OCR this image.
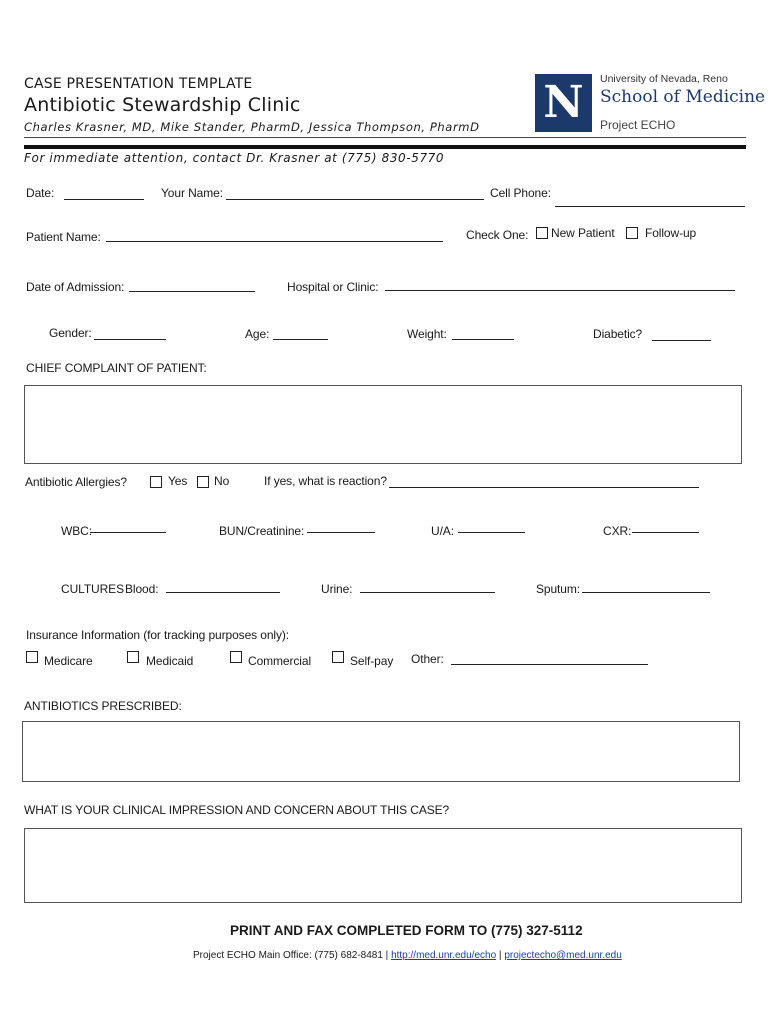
CASE PRESENTATION TEMPLATE
Antibiotic Stewardship Clinic
Charles Krasner, MD, Mike Stander, PharmD, Jessica Thompson, PharmD N	University of Nevada, Reno
School of Medicine
Project ECHO
For immediate attention, contact Dr. Krasner at (775) 830-5770
Date:	Your Name:	Cell Phone:
Patient Name:	Check One: New Patient	Follow-up
Date of Admission:	Hospital or Clinic:
Gender:	Age:	Weight:	Diabetic?
CHIEF COMPLAINT OF PATIENT:
Antibiotic Allergies?	Yes No	If yes, what is reaction?
WBC:	BUN/Creatinine:	U/A:	CXR:
CULTURES Blood:	Urine:	Sputum:
Insurance Information (for tracking purposes only):
Medicare	Medicaid	Commercial	Self-pay Other:
ANTIBIOTICS PRESCRIBED:
WHAT IS YOUR CLINICAL IMPRESSION AND CONCERN ABOUT THIS CASE?
PRINT AND FAX COMPLETED FORM TO (775) 327-5112
Project ECHO Main Office: (775) 682-8481 | http://med.unr.edu/echo | projectecho@med.unr.edu
